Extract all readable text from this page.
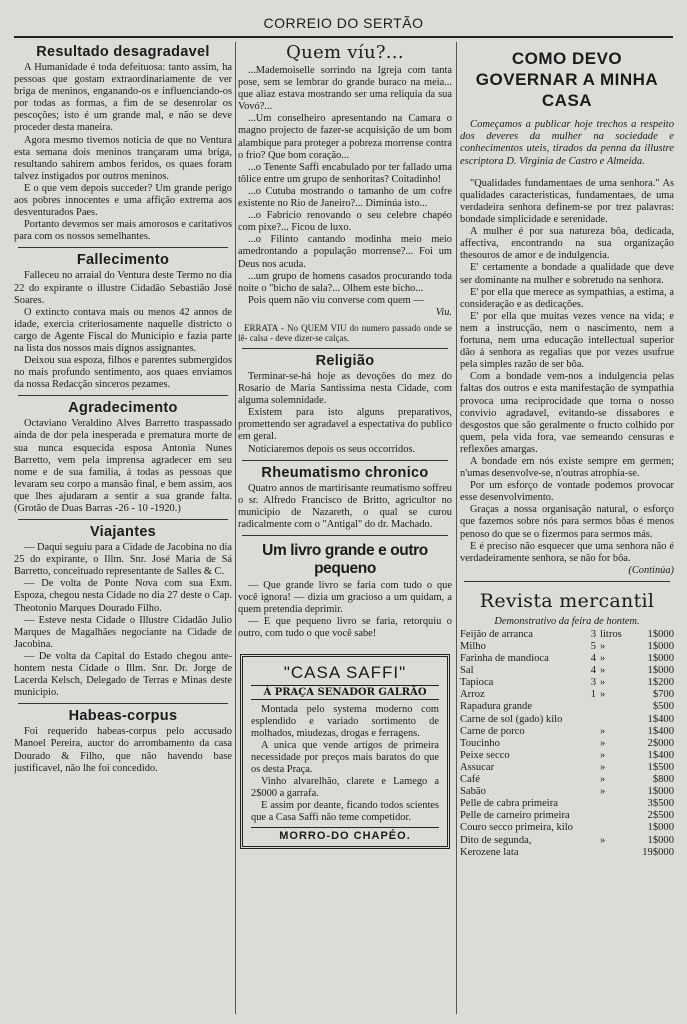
CORREIO DO SERTÃO
Resultado desagradavel

A Humanidade é toda defeituosa: tanto assim, ha pessoas que gostam extraordinariamente de ver briga de meninos, enganando-os e influenciando-os por todas as formas, a fim de se desenrolar os pescoções; isto é um grande mal, e não se deve proceder desta maneira.

Agora mesmo tivemos noticia de que no Ventura esta semana dois meninos trançaram uma briga, resultando sahirem ambos feridos, os quaes foram talvez instigados por outros meninos.

E o que vem depois succeder? Um grande perigo aos pobres innocentes e uma affição extrema aos desventurados Paes.

Portanto devemos ser mais amorosos e caritativos para com os nossos semelhantes.

Fallecimento

Falleceu no arraial do Ventura deste Termo no dia 22 do expirante o illustre Cidadão Sebastião José Soares.

O extincto contava mais ou menos 42 annos de idade, exercia criteriosamente naquelle districto o cargo de Agente Fiscal do Municipio e fazia parte na lista dos nossos mais dignos assignantes.

Deixou sua espoza, filhos e parentes submergidos no mais profundo sentimento, aos quaes enviamos da nossa Redacção sinceros pezames.

Agradecimento

Octaviano Veraldino Alves Barretto traspassado ainda de dor pela inesperada e prematura morte de sua nunca esquecida esposa Antonia Nunes Barretto, vem pela imprensa agradecer em seu nome e de sua familia, á todas as pessoas que levaram seu corpo a mansão final, e bem assim, aos que lhes ajudaram a sentir a sua grande falta. (Grotão de Duas Barras -26 - 10 -1920.)

Viajantes

— Daqui seguiu para a Cidade de Jacobina no dia 25 do expirante, o Illm. Snr. José Maria de Sá Barretto, conceituado representante de Salles & C.

— De volta de Ponte Nova com sua Exm. Espoza, chegou nesta Cidade no dia 27 deste o Cap. Theotonio Marques Dourado Filho.

— Esteve nesta Cidade o Illustre Cidadão Julio Marques de Magalhães negociante na Cidade de Jacobina.

— De volta da Capital do Estado chegou ante-hontem nesta Cidade o Illm. Snr. Dr. Jorge de Lacerda Kelsch, Delegado de Terras e Minas deste municipio.

Habeas-corpus

Foi requerido habeas-corpus pelo accusado Manoel Pereira, auctor do arrombamento da casa Dourado & Filho, que não havendo base justificavel, não lhe foi concedido.

Quem víu?...

...Mademoiselle sorrindo na Igreja com tanta pose, sem se lembrar do grande buraco na meia... que aliaz estava mostrando ser uma reliquia da sua Vovó?...

...Um conselheiro apresentando na Camara o magno projecto de fazer-se acquisição de um bom alambique para proteger a pobreza morrense contra o frio? Que bom coração...

...o Tenente Saffi encabulado por ter fallado uma tôlice entre um grupo de senhoritas? Coitadinho!

...o Cutuba mostrando o tamanho de um cofre existente no Rio de Janeiro?... Diminúa isto...

...o Fabricio renovando o seu celebre chapéo com pixe?... Ficou de luxo.

...o Filinto cantando modinha meio meio amedrontando a população morrense?... Foi um Deus nos acuda.

...um grupo de homens casados procurando toda noite o "bicho de sala?... Olhem este bicho...

Pois quem não viu converse com quem —

Viu.

ERRATA - No QUEM VIU do numero passado onde se lê- calsa - deve dizer-se calças.

Religião

Terminar-se-há hoje as devoções do mez do Rosario de Maria Santissima nesta Cidade, com alguma solemnidade.

Existem para isto alguns preparativos, promettendo ser agradavel a espectativa do publico em geral.

Noticiaremos depois os seus occorridos.

Rheumatismo chronico

Quatro annos de martirisante reumatismo soffreu o sr. Alfredo Francisco de Britto, agricultor no municipio de Nazareth, o qual se curou radicalmente com o "Antigal" do dr. Machado.

Um livro grande e outro pequeno

— Que grande livro se faria com tudo o que você ignora! — dizia um gracioso a um quidam, a quem pretendia deprimir.

— E que pequeno livro se faria, retorquiu o outro, com tudo o que você sabe!

"CASA SAFFI"
Á PRAÇA SENADOR GALRÃO

Montada pelo systema moderno com esplendido e variado sortimento de molhados, miudezas, drogas e ferragens.

A unica que vende artigos de primeira necessidade por preços mais baratos do que os desta Praça.

Vinho alvarelhão, clarete e Lamego a 2$000 a garrafa.

E assim por deante, ficando todos scientes que a Casa Saffi não teme competidor.

MORRO-DO CHAPÉO.
COMO DEVO GOVERNAR A MINHA CASA

Começamos a publicar hoje trechos a respeito dos deveres da mulher na sociedade e conhecimentos uteis, tirados da penna da illustre escriptora D. Virginia de Castro e Almeida.

"Qualidades fundamentaes de uma senhora." As qualidades caracteristicas, fundamentaes, de uma verdadeira senhora definem-se por trez palavras: bondade simplicidade e serenidade.

A mulher é por sua natureza bôa, dedicada, affectiva, encontrando na sua organização thesouros de amor e de indulgencia.

E' certamente a bondade a qualidade que deve ser dominante na mulher e sobretudo na senhora.

E' por ella que merece as sympathias, a estima, a consideração e as dedicações.

E' por ella que muitas vezes vence na vida; e nem a instrucção, nem o nascimento, nem a fortuna, nem uma educação intellectual superior dão á senhora as regalias que por vezes usufrue pela simples razão de ser bôa.

Com a bondade vem-nos a indulgencia pelas faltas dos outros e esta manifestação de sympathia provoca uma reciprocidade que torna o nosso convivio agradavel, evitando-se dissabores e desgostos que são geralmente o fructo colhido por quem, pela vida fora, vae semeando censuras e reflexões amargas.

A bondade em nós existe sempre em germen; n'umas desenvolve-se, n'outras atrophia-se.

Por um esforço de vontade podemos provocar esse desenvolvimento.

Graças a nossa organisação natural, o esforço que fazemos sobre nós para sermos bôas é menos penoso do que se o fizermos para sermos más.

E é preciso não esquecer que uma senhora não é verdadeiramente senhora, se não for bôa.

(Continúa)

Revista mercantil
Demonstrativo da feira de hontem.
Feijão de arranca	3	litros	1$000
Milho	5	»	1$000
Farinha de mandioca	4	»	1$000
Sal	4	»	1$000
Tapioca	3	»	1$200
Arroz	1	»	$700
Rapadura grande			$500
Carne de sol (gado) kilo			1$400
Carne de porco		»	1$400
Toucinho		»	2$000
Peixe secco		»	1$400
Assucar		»	1$500
Café		»	$800
Sabão		»	1$000
Pelle de cabra primeira			3$500
Pelle de carneiro primeira			2$500
Couro secco primeira, kilo			1$000
Dito de segunda,		»	1$000
Kerozene lata			19$000
